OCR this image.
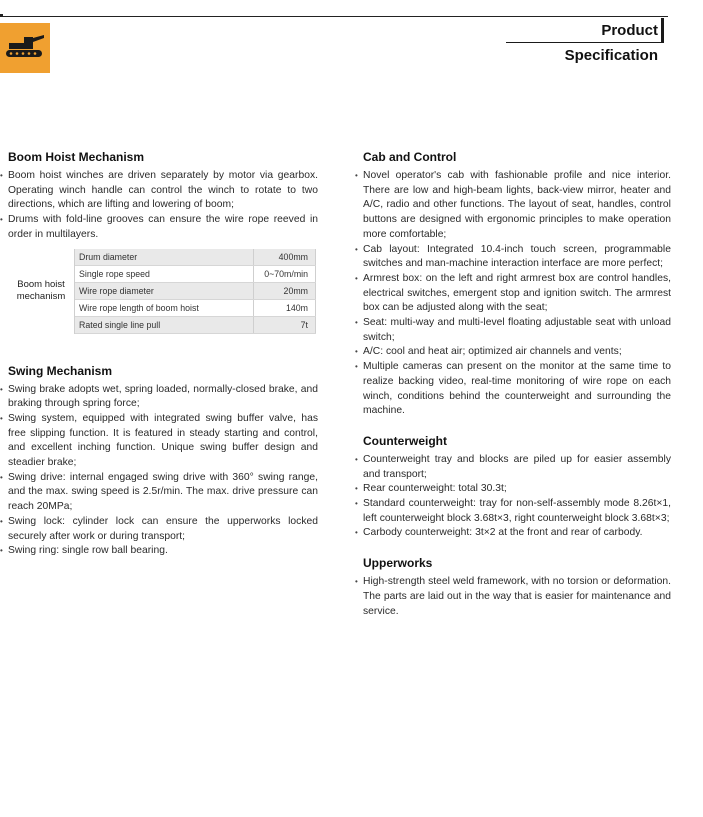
Product Specification
Boom Hoist Mechanism
• Boom hoist winches are driven separately by motor via gearbox. Operating winch handle can control the winch to rotate to two directions, which are lifting and lowering of boom;
• Drums with fold-line grooves can ensure the wire rope reeved in order in multilayers.
Boom hoist mechanism	Drum diameter	400mm
	Single rope speed	0~70m/min
	Wire rope diameter	20mm
	Wire rope length of boom hoist	140m
	Rated single line pull	7t
Swing Mechanism
• Swing brake adopts wet, spring loaded, normally-closed brake, and braking through spring force;
• Swing system, equipped with integrated swing buffer valve, has free slipping function. It is featured in steady starting and control, and excellent inching function. Unique swing buffer design and steadier brake;
• Swing drive: internal engaged swing drive with 360° swing range, and the max. swing speed is 2.5r/min. The max. drive pressure can reach 20MPa;
• Swing lock: cylinder lock can ensure the upperworks locked securely after work or during transport;
• Swing ring: single row ball bearing.
Cab and Control
• Novel operator's cab with fashionable profile and nice interior. There are low and high-beam lights, back-view mirror, heater and A/C, radio and other functions. The layout of seat, handles, control buttons are designed with ergonomic principles to make operation more comfortable;
• Cab layout: Integrated 10.4-inch touch screen, programmable switches and man-machine interaction interface are more perfect;
• Armrest box: on the left and right armrest box are control handles, electrical switches, emergent stop and ignition switch. The armrest box can be adjusted along with the seat;
• Seat: multi-way and multi-level floating adjustable seat with unload switch;
• A/C: cool and heat air; optimized air channels and vents;
• Multiple cameras can present on the monitor at the same time to realize backing video, real-time monitoring of wire rope on each winch, conditions behind the counterweight and surrounding the machine.
Counterweight
• Counterweight tray and blocks are piled up for easier assembly and transport;
• Rear counterweight: total 30.3t;
• Standard counterweight: tray for non-self-assembly mode 8.26t×1, left counterweight block 3.68t×3, right counterweight block 3.68t×3;
• Carbody counterweight: 3t×2 at the front and rear of carbody.
Upperworks
• High-strength steel weld framework, with no torsion or deformation. The parts are laid out in the way that is easier for maintenance and service.
